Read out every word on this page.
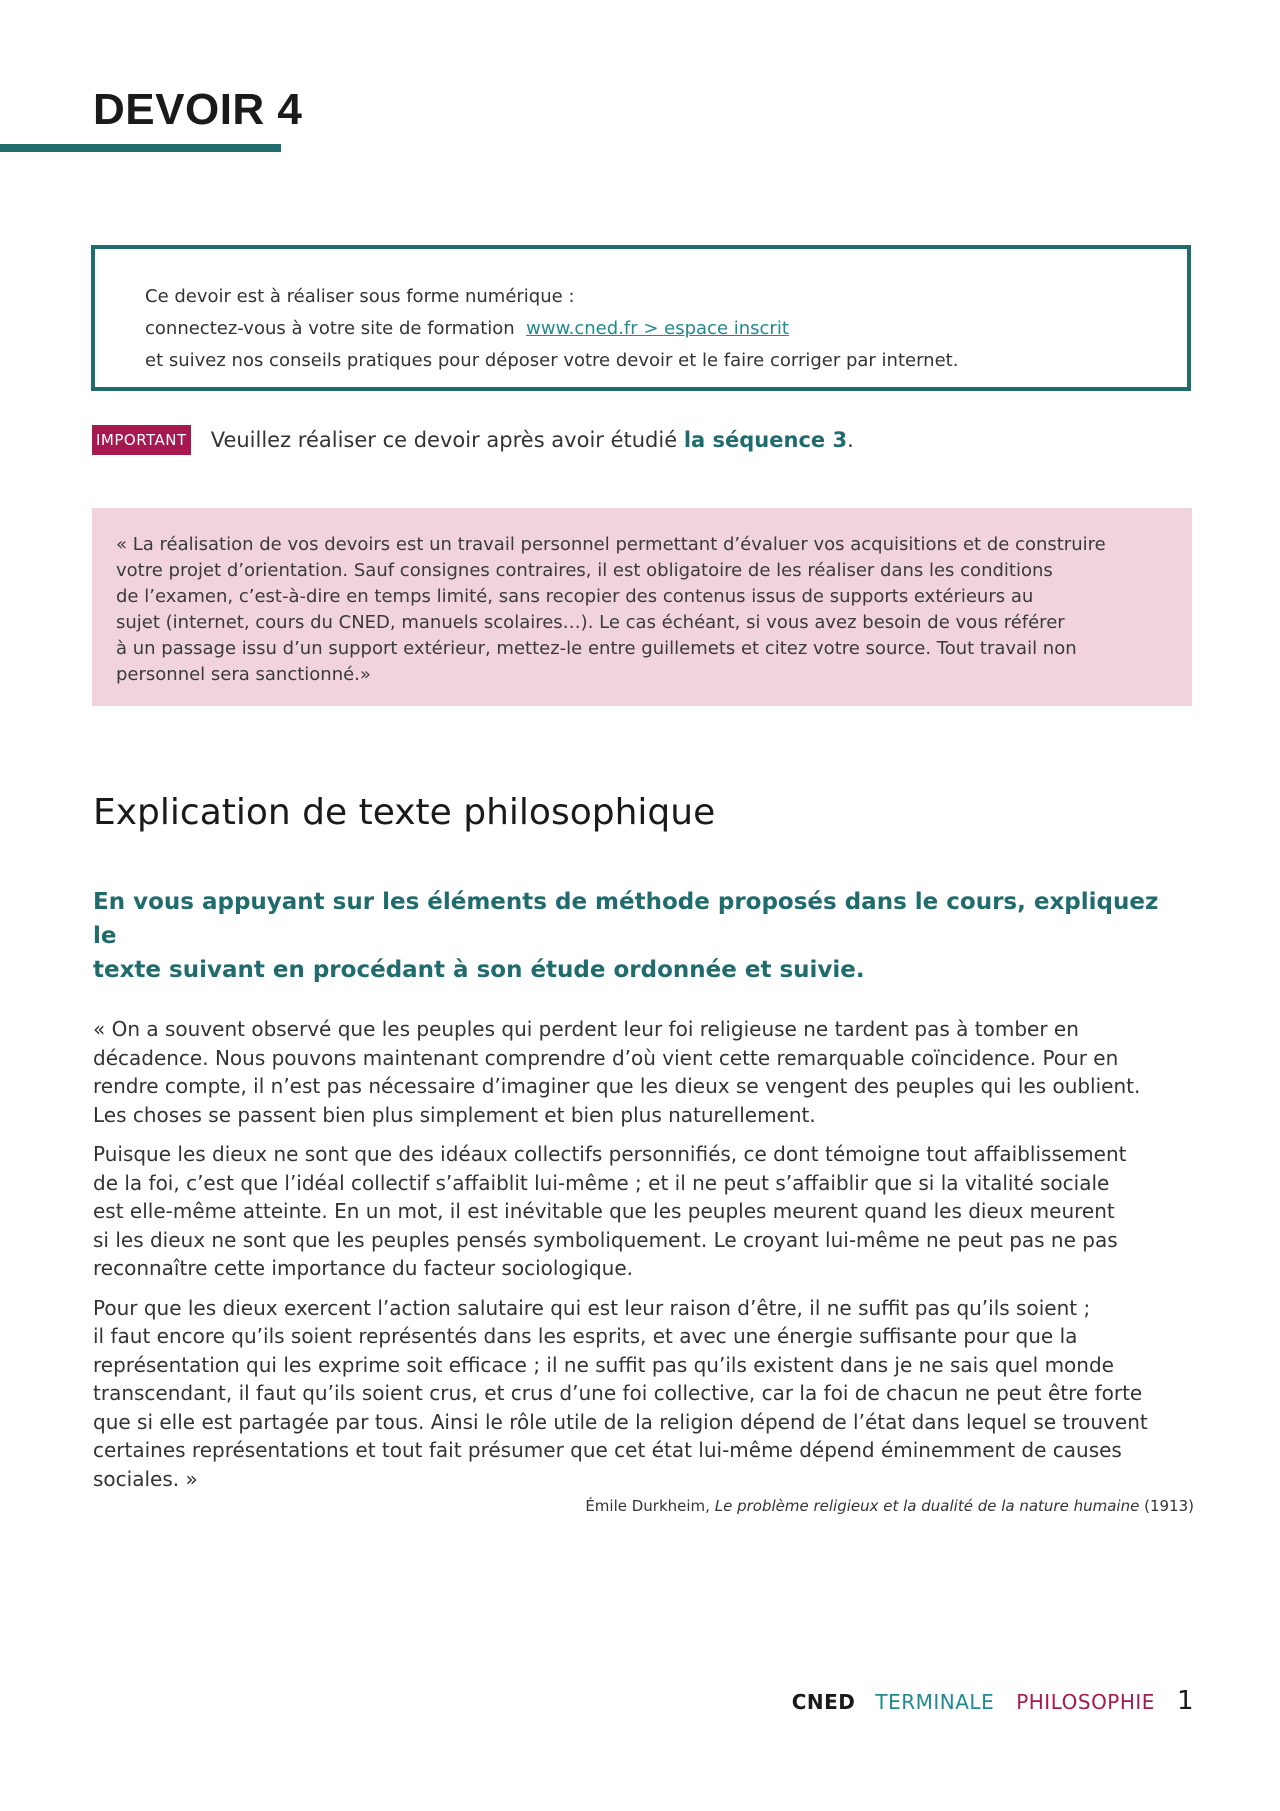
DEVOIR 4

Ce devoir est à réaliser sous forme numérique :

connectez-vous à votre site de formation www.cned.fr > espace inscrit

et suivez nos conseils pratiques pour déposer votre devoir et le faire corriger par internet.

IMPORTANT Veuillez réaliser ce devoir après avoir étudié la séquence 3.

« La réalisation de vos devoirs est un travail personnel permettant d’évaluer vos acquisitions et de construire

votre projet d’orientation. Sauf consignes contraires, il est obligatoire de les réaliser dans les conditions

de l’examen, c’est-à-dire en temps limité, sans recopier des contenus issus de supports extérieurs au

sujet (internet, cours du CNED, manuels scolaires…). Le cas échéant, si vous avez besoin de vous référer

à un passage issu d’un support extérieur, mettez-le entre guillemets et citez votre source. Tout travail non

personnel sera sanctionné.»

Explication de texte philosophique
En vous appuyant sur les éléments de méthode proposés dans le cours, expliquez le
texte suivant en procédant à son étude ordonnée et suivie.

« On a souvent observé que les peuples qui perdent leur foi religieuse ne tardent pas à tomber en
décadence. Nous pouvons maintenant comprendre d’où vient cette remarquable coïncidence. Pour en
rendre compte, il n’est pas nécessaire d’imaginer que les dieux se vengent des peuples qui les oublient.
Les choses se passent bien plus simplement et bien plus naturellement.

Puisque les dieux ne sont que des idéaux collectifs personnifiés, ce dont témoigne tout affaiblissement
de la foi, c’est que l’idéal collectif s’affaiblit lui-même ; et il ne peut s’affaiblir que si la vitalité sociale
est elle-même atteinte. En un mot, il est inévitable que les peuples meurent quand les dieux meurent
si les dieux ne sont que les peuples pensés symboliquement. Le croyant lui-même ne peut pas ne pas
reconnaître cette importance du facteur sociologique.

Pour que les dieux exercent l’action salutaire qui est leur raison d’être, il ne suffit pas qu’ils soient ;
il faut encore qu’ils soient représentés dans les esprits, et avec une énergie suffisante pour que la
représentation qui les exprime soit efficace ; il ne suffit pas qu’ils existent dans je ne sais quel monde
transcendant, il faut qu’ils soient crus, et crus d’une foi collective, car la foi de chacun ne peut être forte
que si elle est partagée par tous. Ainsi le rôle utile de la religion dépend de l’état dans lequel se trouvent
certaines représentations et tout fait présumer que cet état lui-même dépend éminemment de causes
sociales. »

Émile Durkheim, Le problème religieux et la dualité de la nature humaine (1913)
CNED TERMINALE PHILOSOPHIE 1
